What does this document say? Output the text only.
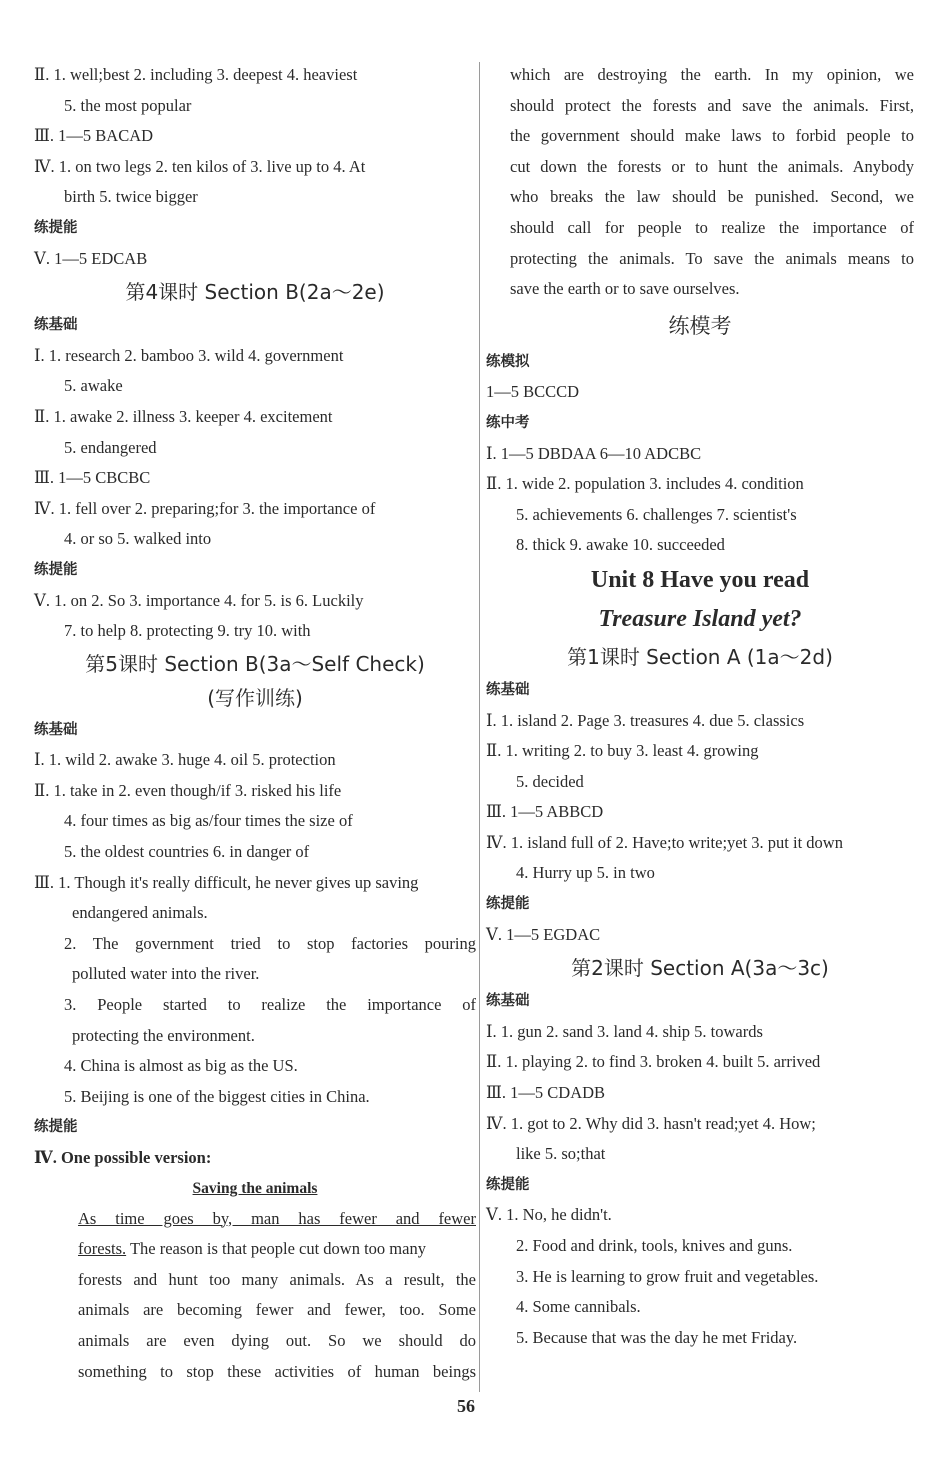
Ⅱ. 1. well;best 2. including 3. deepest 4. heaviest
5. the most popular
Ⅲ. 1—5 BACAD
Ⅳ. 1. on two legs 2. ten kilos of 3. live up to 4. At
birth 5. twice bigger
练提能
Ⅴ. 1—5 EDCAB
第4课时 Section B(2a～2e)
练基础
Ⅰ. 1. research 2. bamboo 3. wild 4. government
5. awake
Ⅱ. 1. awake 2. illness 3. keeper 4. excitement
5. endangered
Ⅲ. 1—5 CBCBC
Ⅳ. 1. fell over 2. preparing;for 3. the importance of
4. or so 5. walked into
练提能
Ⅴ. 1. on 2. So 3. importance 4. for 5. is 6. Luckily
7. to help 8. protecting 9. try 10. with
第5课时 Section B(3a～Self Check)
(写作训练)
练基础
Ⅰ. 1. wild 2. awake 3. huge 4. oil 5. protection
Ⅱ. 1. take in 2. even though/if 3. risked his life
4. four times as big as/four times the size of
5. the oldest countries 6. in danger of
Ⅲ. 1. Though it's really difficult, he never gives up saving
endangered animals.
2. The government tried to stop factories pouring
polluted water into the river.
3. People started to realize the importance of
protecting the environment.
4. China is almost as big as the US.
5. Beijing is one of the biggest cities in China.
练提能
Ⅳ. One possible version:
Saving the animals
As time goes by, man has fewer and fewer
forests. The reason is that people cut down too many
forests and hunt too many animals. As a result, the
animals are becoming fewer and fewer, too. Some
animals are even dying out. So we should do
something to stop these activities of human beings
which are destroying the earth. In my opinion, we
should protect the forests and save the animals. First,
the government should make laws to forbid people to
cut down the forests or to hunt the animals. Anybody
who breaks the law should be punished. Second, we
should call for people to realize the importance of
protecting the animals. To save the animals means to
save the earth or to save ourselves.
练模考
练模拟
1—5 BCCCD
练中考
Ⅰ. 1—5 DBDAA 6—10 ADCBC
Ⅱ. 1. wide 2. population 3. includes 4. condition
5. achievements 6. challenges 7. scientist's
8. thick 9. awake 10. succeeded
Unit 8 Have you read
Treasure Island yet?
第1课时 Section A (1a～2d)
练基础
Ⅰ. 1. island 2. Page 3. treasures 4. due 5. classics
Ⅱ. 1. writing 2. to buy 3. least 4. growing
5. decided
Ⅲ. 1—5 ABBCD
Ⅳ. 1. island full of 2. Have;to write;yet 3. put it down
4. Hurry up 5. in two
练提能
Ⅴ. 1—5 EGDAC
第2课时 Section A(3a～3c)
练基础
Ⅰ. 1. gun 2. sand 3. land 4. ship 5. towards
Ⅱ. 1. playing 2. to find 3. broken 4. built 5. arrived
Ⅲ. 1—5 CDADB
Ⅳ. 1. got to 2. Why did 3. hasn't read;yet 4. How;
like 5. so;that
练提能
Ⅴ. 1. No, he didn't.
2. Food and drink, tools, knives and guns.
3. He is learning to grow fruit and vegetables.
4. Some cannibals.
5. Because that was the day he met Friday.
56
